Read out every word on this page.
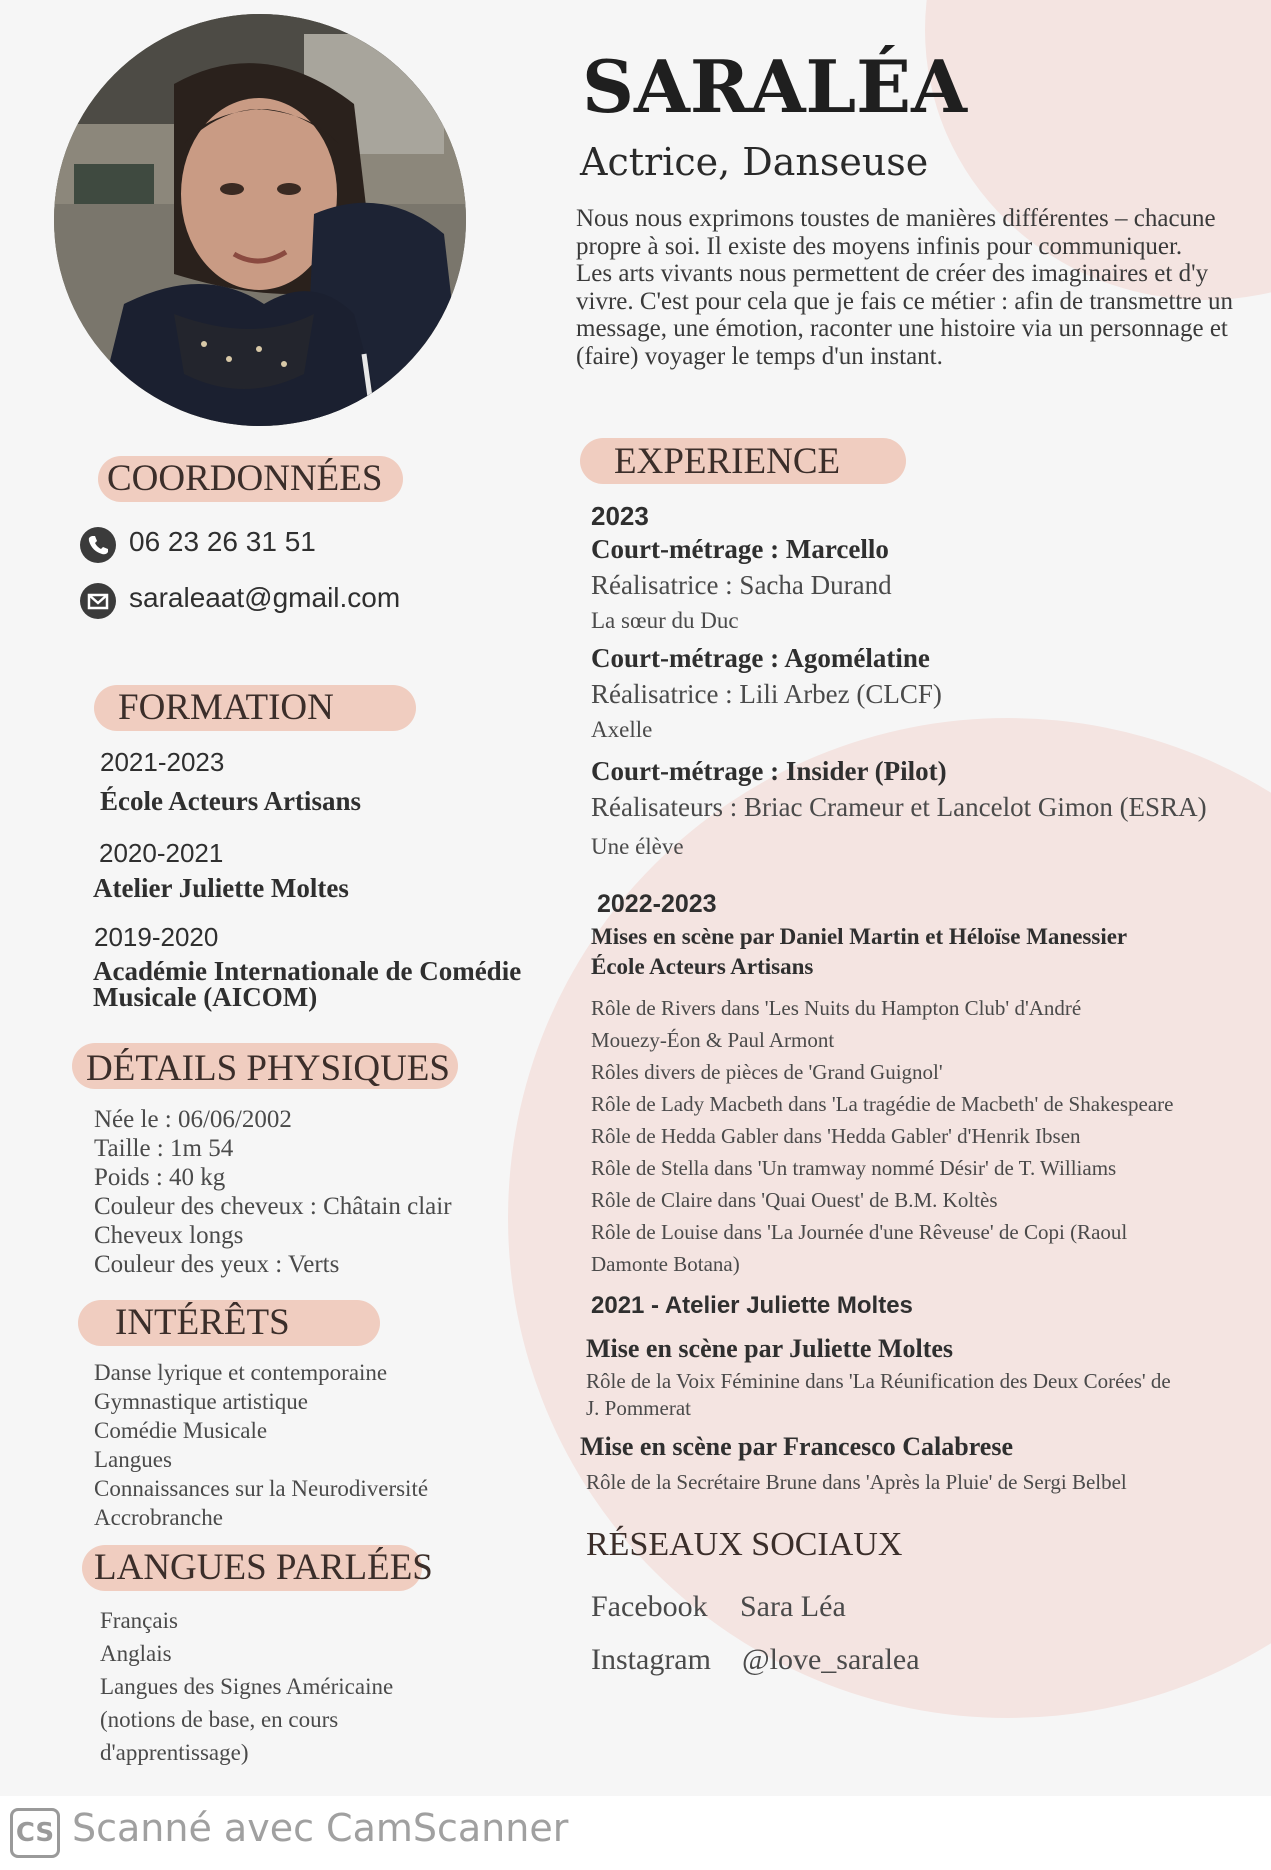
SARALÉA
Actrice, Danseuse

Nous nous exprimons toustes de manières différentes – chacune propre à soi. Il existe des moyens infinis pour communiquer.

Les arts vivants nous permettent de créer des imaginaires et d'y vivre. C'est pour cela que je fais ce métier : afin de transmettre un message, une émotion, raconter une histoire via un personnage et (faire) voyager le temps d'un instant.

COORDONNÉES
06 23 26 31 51
saraleaat@gmail.com
FORMATION
2021-2023
École Acteurs Artisans
2020-2021
Atelier Juliette Moltes
2019-2020
Académie Internationale de Comédie Musicale (AICOM)
DÉTAILS PHYSIQUES
Née le : 06/06/2002
Taille : 1m 54
Poids : 40 kg
Couleur des cheveux : Châtain clair
Cheveux longs
Couleur des yeux : Verts
INTÉRÊTS
Danse lyrique et contemporaine
Gymnastique artistique
Comédie Musicale
Langues
Connaissances sur la Neurodiversité
Accrobranche
LANGUES PARLÉES
Français
Anglais
Langues des Signes Américaine
(notions de base, en cours
d'apprentissage)
EXPERIENCE
2023
Court-métrage : Marcello
Réalisatrice : Sacha Durand
La sœur du Duc
Court-métrage : Agomélatine
Réalisatrice : Lili Arbez (CLCF)
Axelle
Court-métrage : Insider (Pilot)
Réalisateurs : Briac Crameur et Lancelot Gimon (ESRA)
Une élève
2022-2023
Mises en scène par Daniel Martin et Héloïse Manessier
École Acteurs Artisans
Rôle de Rivers dans 'Les Nuits du Hampton Club' d'André
Mouezy-Éon & Paul Armont
Rôles divers de pièces de 'Grand Guignol'
Rôle de Lady Macbeth dans 'La tragédie de Macbeth' de Shakespeare
Rôle de Hedda Gabler dans 'Hedda Gabler' d'Henrik Ibsen
Rôle de Stella dans 'Un tramway nommé Désir' de T. Williams
Rôle de Claire dans 'Quai Ouest' de B.M. Koltès
Rôle de Louise dans 'La Journée d'une Rêveuse' de Copi (Raoul
Damonte Botana)
2021 - Atelier Juliette Moltes
Mise en scène par Juliette Moltes
Rôle de la Voix Féminine dans 'La Réunification des Deux Corées' de
J. Pommerat
Mise en scène par Francesco Calabrese
Rôle de la Secrétaire Brune dans 'Après la Pluie' de Sergi Belbel
RÉSEAUX SOCIAUX
Facebook Sara Léa
Instagram @love_saralea
CS Scanné avec CamScanner
